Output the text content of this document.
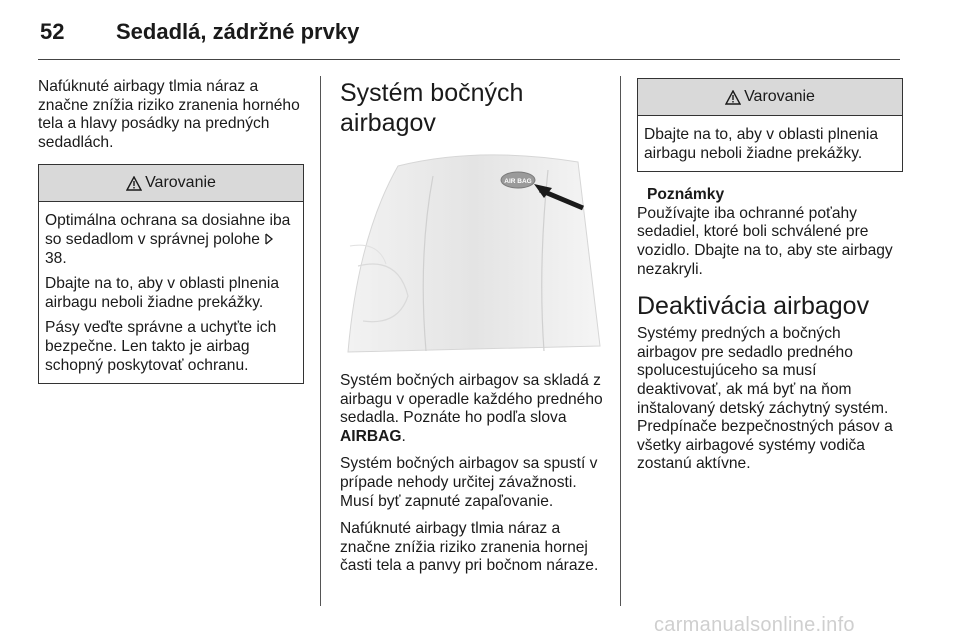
52 Sedadlá, zádržné prvky

Nafúknuté airbagy tlmia náraz a značne znížia riziko zranenia horného tela a hlavy posádky na predných sedadlách.

Varovanie

Optimálna ochrana sa dosiahne iba so sedadlom v správnej polohe  38.

Dbajte na to, aby v oblasti plnenia airbagu neboli žiadne prekážky.

Pásy veďte správne a uchyťte ich bezpečne. Len takto je airbag schopný poskytovať ochranu.

Systém bočných airbagov
AIR BAG

Systém bočných airbagov sa skladá z airbagu v operadle každého predného sedadla. Poznáte ho podľa slova AIRBAG.

Systém bočných airbagov sa spustí v prípade nehody určitej závažnosti. Musí byť zapnuté zapaľovanie.

Nafúknuté airbagy tlmia náraz a značne znížia riziko zranenia hornej časti tela a panvy pri bočnom náraze.

Varovanie

Dbajte na to, aby v oblasti plnenia airbagu neboli žiadne prekážky.

Poznámky

Používajte iba ochranné poťahy sedadiel, ktoré boli schválené pre vozidlo. Dbajte na to, aby ste airbagy nezakryli.

Deaktivácia airbagov

Systémy predných a bočných airbagov pre sedadlo predného spolucestujúceho sa musí deaktivovať, ak má byť na ňom inštalovaný detský záchytný systém. Predpínače bezpečnostných pásov a všetky airbagové systémy vodiča zostanú aktívne.

carmanualsonline.info
